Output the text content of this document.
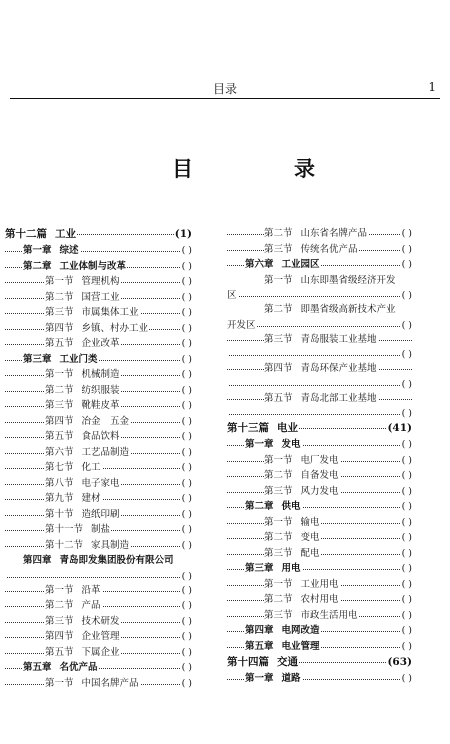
目录	1
目　录
第十二篇 工业	(1)
第一章 综述	( )
第二章 工业体制与改革	( )
第一节 管理机构	( )
第二节 国营工业	( )
第三节 市属集体工业	( )
第四节 乡镇、村办工业	( )
第五节 企业改革	( )
第三章 工业门类	( )
第一节 机械制造	( )
第二节 纺织服装	( )
第三节 靴鞋皮革	( )
第四节 冶金　五金	( )
第五节 食品饮料	( )
第六节 工艺品制造	( )
第七节 化工	( )
第八节 电子家电	( )
第九节 建材	( )
第十节 造纸印刷	( )
第十一节 制盐	( )
第十二节 家具制造	( )
第四章 青岛即发集团股份有限公司
( )
第一节 沿革	( )
第二节 产品	( )
第三节 技术研发	( )
第四节 企业管理	( )
第五节 下属企业	( )
第五章 名优产品	( )
第一节 中国名牌产品	( )
第二节 山东省名牌产品	( )
第三节 传统名优产品	( )
第六章 工业园区	( )
第一节 山东即墨省级经济开发
区	( )
第二节 即墨省级高新技术产业
开发区	( )
第三节 青岛服装工业基地
( )
第四节 青岛环保产业基地
( )
第五节 青岛北部工业基地
( )
第十三篇 电业	(41)
第一章 发电	( )
第一节 电厂发电	( )
第二节 自备发电	( )
第三节 风力发电	( )
第二章 供电	( )
第一节 输电	( )
第二节 变电	( )
第三节 配电	( )
第三章 用电	( )
第一节 工业用电	( )
第二节 农村用电	( )
第三节 市政生活用电	( )
第四章 电网改造	( )
第五章 电业管理	( )
第十四篇 交通	(63)
第一章 道路	( )
